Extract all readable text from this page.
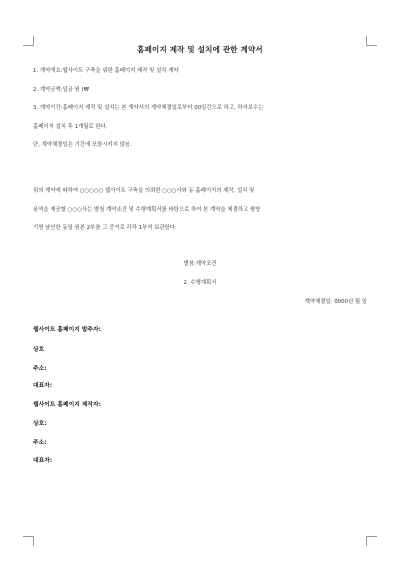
홈페이지 제작 및 설치에 관한 계약서
1. 계약개요:웹사이트 구축을 위한 홈페이지 제작 및 설치 계약
2. 계약금액:일금 원 (₩
3. 계약기간:홈페이지 제작 및 설치는 본 계약서의 계약체결일로부터 00일간으로 하고, 하자보수는
홈페이지 설치 후 1개월로 한다.
단, 계약체결일은 기간에 포함시키지 않음.
위의 계약에 따하여 ○○○○○ 웹사이트 구축을 의뢰한 ○○○사와 동 홈페이지의 제작, 설치 및
용역을 제공할 ○○○사는 별첨 계약조건 및 수행계획서를 바탕으로 하여 본 계약을 체결하고 쌍방
기명 날인한 동일 원본 2부를 그 증거로 각각 1부씩 보관한다.
별첨:계약조건
2. 수행계획서
계약체결일: 0000년 월 일
웹사이트 홈페이지 발주자:
상호
주소:
대표자:
웹사이트 홈페이지 제작자:
상호:
주소:
대표자:
